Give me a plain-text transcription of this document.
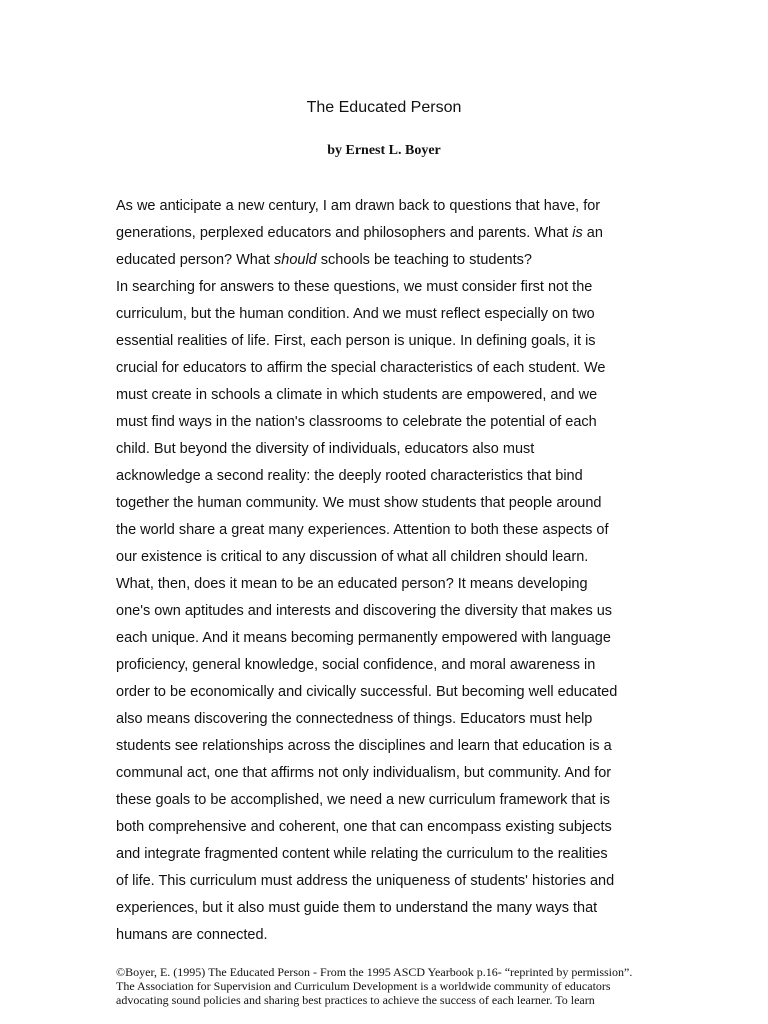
The Educated Person
by Ernest L. Boyer

As we anticipate a new century, I am drawn back to questions that have, for

generations, perplexed educators and philosophers and parents. What is an

educated person? What should schools be teaching to students?

In searching for answers to these questions, we must consider first not the

curriculum, but the human condition. And we must reflect especially on two

essential realities of life. First, each person is unique. In defining goals, it is

crucial for educators to affirm the special characteristics of each student. We

must create in schools a climate in which students are empowered, and we

must find ways in the nation's classrooms to celebrate the potential of each

child. But beyond the diversity of individuals, educators also must

acknowledge a second reality: the deeply rooted characteristics that bind

together the human community. We must show students that people around

the world share a great many experiences. Attention to both these aspects of

our existence is critical to any discussion of what all children should learn.

What, then, does it mean to be an educated person? It means developing

one's own aptitudes and interests and discovering the diversity that makes us

each unique. And it means becoming permanently empowered with language

proficiency, general knowledge, social confidence, and moral awareness in

order to be economically and civically successful. But becoming well educated

also means discovering the connectedness of things. Educators must help

students see relationships across the disciplines and learn that education is a

communal act, one that affirms not only individualism, but community. And for

these goals to be accomplished, we need a new curriculum framework that is

both comprehensive and coherent, one that can encompass existing subjects

and integrate fragmented content while relating the curriculum to the realities

of life. This curriculum must address the uniqueness of students' histories and

experiences, but it also must guide them to understand the many ways that

humans are connected.

©Boyer, E. (1995) The Educated Person - From the 1995 ASCD Yearbook p.16- “reprinted by permission”.

The Association for Supervision and Curriculum Development is a worldwide community of educators advocating sound policies and sharing best practices to achieve the success of each learner. To learn
